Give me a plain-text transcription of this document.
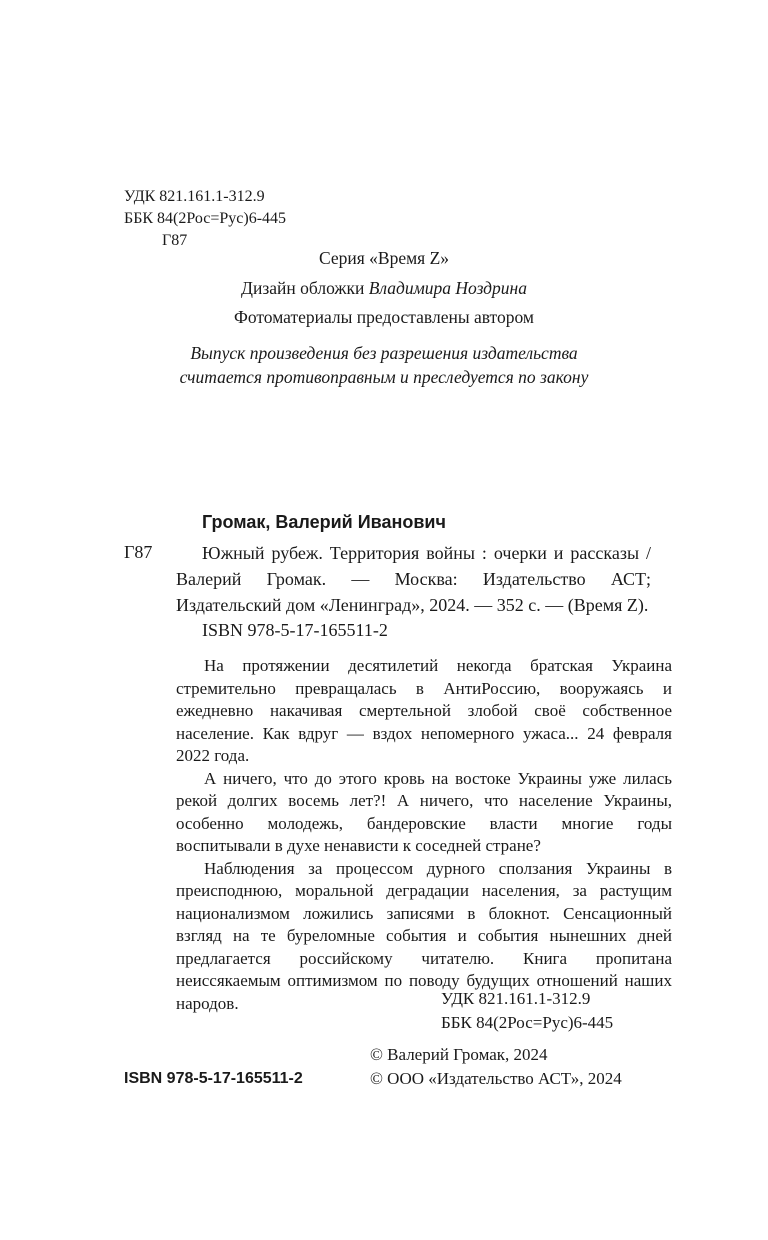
УДК 821.161.1-312.9
ББК 84(2Рос=Рус)6-445
Г87
Серия «Время Z»
Дизайн обложки Владимира Ноздрина
Фотоматериалы предоставлены автором
Выпуск произведения без разрешения издательства
считается противоправным и преследуется по закону
Громак, Валерий Иванович
Г87	Южный рубеж. Территория войны : очерки и рассказы / Валерий Громак. — Москва: Издательство АСТ; Издательский дом «Ленинград», 2024. — 352 с. — (Время Z).
ISBN 978-5-17-165511-2

На протяжении десятилетий некогда братская Украина стремительно превращалась в АнтиРоссию, вооружаясь и ежедневно накачивая смертельной злобой своё собственное население. Как вдруг — вздох непомерного ужаса... 24 февраля 2022 года.

А ничего, что до этого кровь на востоке Украины уже лилась рекой долгих восемь лет?! А ничего, что население Украины, особенно молодежь, бандеровские власти многие годы воспитывали в духе ненависти к соседней стране?

Наблюдения за процессом дурного сползания Украины в преисподнюю, моральной деградации населения, за растущим национализмом ложились записями в блокнот. Сенсационный взгляд на те буреломные события и события нынешних дней предлагается российскому читателю. Книга пропитана неиссякаемым оптимизмом по поводу будущих отношений наших народов.	УДК 821.161.1-312.9
ББК 84(2Рос=Рус)6-445
© Валерий Громак, 2024
© ООО «Издательство АСТ», 2024
ISBN 978-5-17-165511-2
